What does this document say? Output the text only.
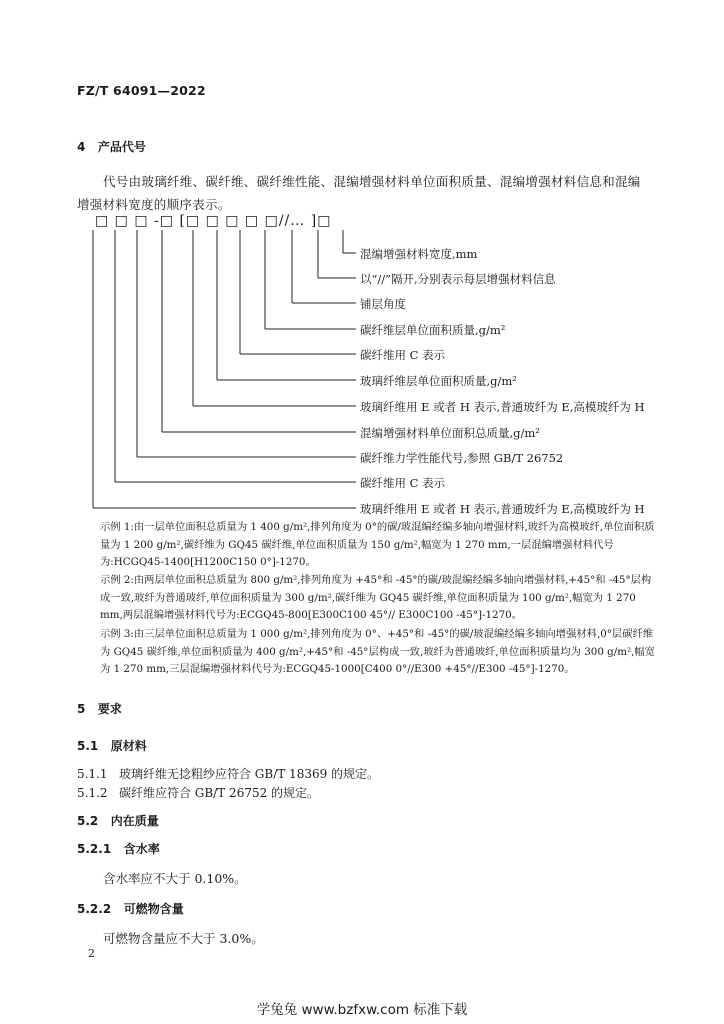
FZ/T 64091—2022
4   产品代号
代号由玻璃纤维、碳纤维、碳纤维性能、混编增强材料单位面积质量、混编增强材料信息和混编增强材料宽度的顺序表示。
□ □ □ -□ [□ □ □ □ □//… ]□
混编增强材料宽度,mm
以“//”隔开,分别表示每层增强材料信息
铺层角度
碳纤维层单位面积质量,g/m²
碳纤维用 C 表示
玻璃纤维层单位面积质量,g/m²
玻璃纤维用 E 或者 H 表示,普通玻纤为 E,高模玻纤为 H
混编增强材料单位面积总质量,g/m²
碳纤维力学性能代号,参照 GB/T 26752
碳纤维用 C 表示
玻璃纤维用 E 或者 H 表示,普通玻纤为 E,高模玻纤为 H
示例 1:由一层单位面积总质量为 1 400 g/m²,排列角度为 0°的碳/玻混编经编多轴向增强材料,玻纤为高模玻纤,单位面积质量为 1 200 g/m²,碳纤维为 GQ45 碳纤维,单位面积质量为 150 g/m²,幅宽为 1 270 mm,一层混编增强材料代号为:HCGQ45-1400[H1200C150 0°]-1270。
示例 2:由两层单位面积总质量为 800 g/m²,排列角度为 +45°和 -45°的碳/玻混编经编多轴向增强材料,+45°和 -45°层构成一致,玻纤为普通玻纤,单位面积质量为 300 g/m²,碳纤维为 GQ45 碳纤维,单位面积质量为 100 g/m²,幅宽为 1 270 mm,两层混编增强材料代号为:ECGQ45-800[E300C100 45°// E300C100 -45°]-1270。
示例 3:由三层单位面积总质量为 1 000 g/m²,排列角度为 0°、+45°和 -45°的碳/玻混编经编多轴向增强材料,0°层碳纤维为 GQ45 碳纤维,单位面积质量为 400 g/m²,+45°和 -45°层构成一致,玻纤为普通玻纤,单位面积质量均为 300 g/m²,幅宽为 1 270 mm,三层混编增强材料代号为:ECGQ45-1000[C400 0°//E300 +45°//E300 -45°]-1270。
5   要求
5.1   原材料
5.1.1   玻璃纤维无捻粗纱应符合 GB/T 18369 的规定。
5.1.2   碳纤维应符合 GB/T 26752 的规定。
5.2   内在质量
5.2.1   含水率
含水率应不大于 0.10%。
5.2.2   可燃物含量
可燃物含量应不大于 3.0%。
2
学兔兔 www.bzfxw.com 标准下载
